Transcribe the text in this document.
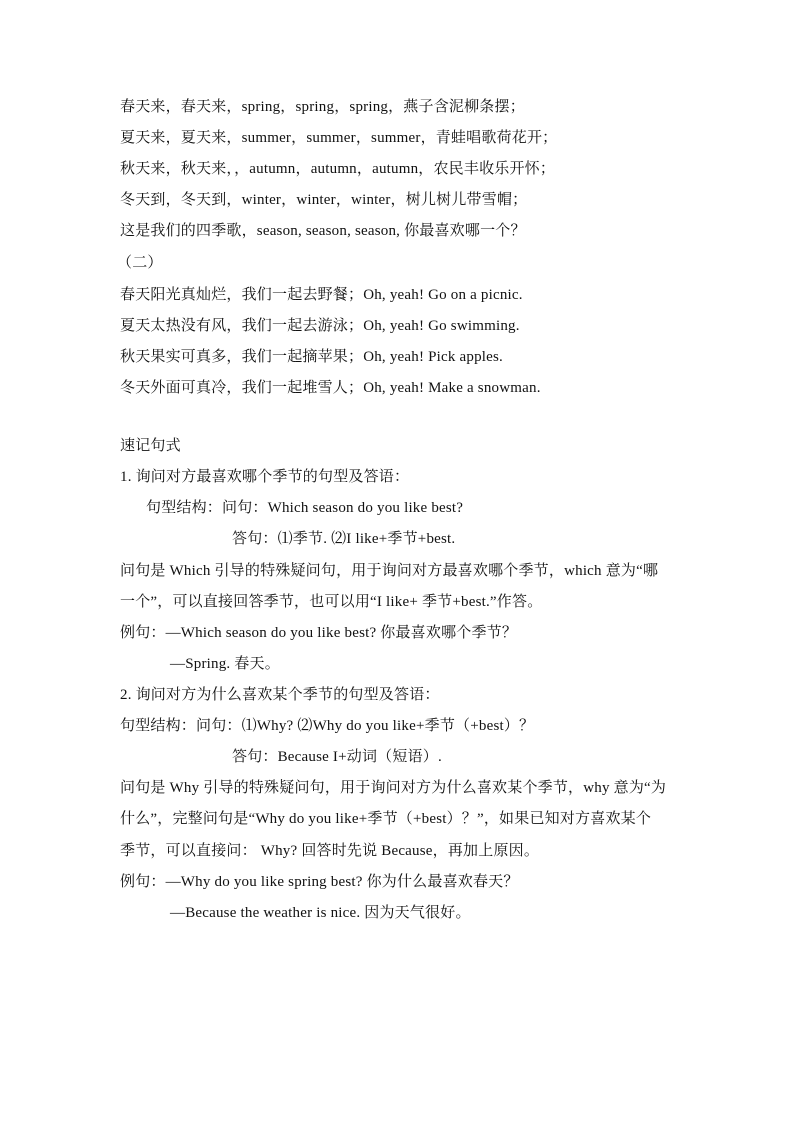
春天来，春天来，spring，spring，spring，燕子含泥柳条摆；
夏天来，夏天来，summer，summer，summer，青蛙唱歌荷花开；
秋天来，秋天来，，autumn，autumn，autumn，农民丰收乐开怀；
冬天到，冬天到，winter，winter，winter，树儿树儿带雪帽；
这是我们的四季歌，season, season, season, 你最喜欢哪一个？
（二）
春天阳光真灿烂，我们一起去野餐；Oh, yeah! Go on a picnic.
夏天太热没有风，我们一起去游泳；Oh, yeah! Go swimming.
秋天果实可真多，我们一起摘苹果；Oh, yeah! Pick apples.
冬天外面可真冷，我们一起堆雪人；Oh, yeah! Make a snowman.
速记句式
1. 询问对方最喜欢哪个季节的句型及答语：
句型结构：问句：Which season do you like best?
答句：⑴季节. ⑵I like+季节+best.
问句是 Which 引导的特殊疑问句，用于询问对方最喜欢哪个季节，which 意为“哪
一个”，可以直接回答季节，也可以用“I like+ 季节+best.”作答。
例句：—Which season do you like best? 你最喜欢哪个季节？
—Spring. 春天。
2. 询问对方为什么喜欢某个季节的句型及答语：
句型结构：问句：⑴Why? ⑵Why do you like+季节（+best）？
答句：Because I+动词（短语）.
问句是 Why 引导的特殊疑问句，用于询问对方为什么喜欢某个季节，why 意为“为
什么”，完整问句是“Why do you like+季节（+best）？”，如果已知对方喜欢某个
季节，可以直接问： Why? 回答时先说 Because，再加上原因。
例句：—Why do you like spring best? 你为什么最喜欢春天？
—Because the weather is nice. 因为天气很好。
